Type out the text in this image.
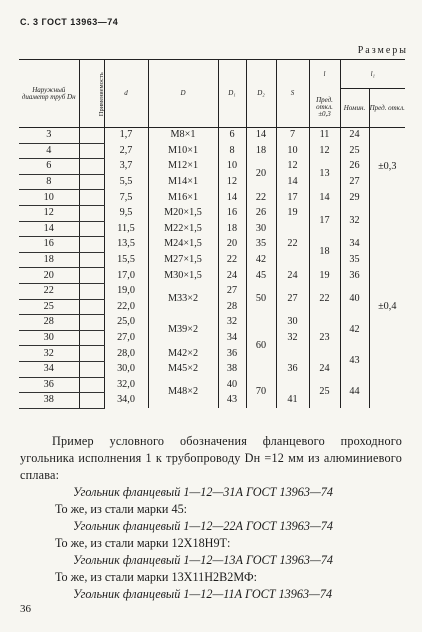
С. 3 ГОСТ 13963—74
Размеры
Наружный диаметр труб Dн	Применяемость	d	D	D₁	D₂	S	l	l₁	
							Пред. откл. ±0,3	Номин.	Пред. откл.
3		1,7	М8×1	6	14	7	11	24	±0,3
4		2,7	М10×1	8	18	10	12	25	
6		3,7	М12×1	10	20	12	13	26	
8		5,5	М14×1	12		14		27	
10		7,5	М16×1	14	22	17	14	29	
12		9,5	М20×1,5	16	26	19	17	32	±0,4
14		11,5	М22×1,5	18	30	22			
16		13,5	М24×1,5	20	35		18	34	
18		15,5	М27×1,5	22	42			35	
20		17,0	М30×1,5	24	45	24	19	36	
22		19,0	М33×2	27	50	27	22	40	
25		22,0		28					
28		25,0	М39×2	32	60	30	23	42	
30		27,0		34		32			
32		28,0	М42×2	36		36		43	
34		30,0	М45×2	38			24		
36		32,0	М48×2	40	70		25	44	
38		34,0		43		41			

Пример условного обозначения фланцевого проходного угольника исполнения 1 к трубопроводу Dн =12 мм из алюминиевого сплава:

Угольник фланцевый 1—12—31А ГОСТ 13963—74

То же, из стали марки 45:

Угольник фланцевый 1—12—22А ГОСТ 13963—74

То же, из стали марки 12Х18Н9Т:

Угольник фланцевый 1—12—13А ГОСТ 13963—74

То же, из стали марки 13Х11Н2В2МФ:

Угольник фланцевый 1—12—11А ГОСТ 13963—74

36
